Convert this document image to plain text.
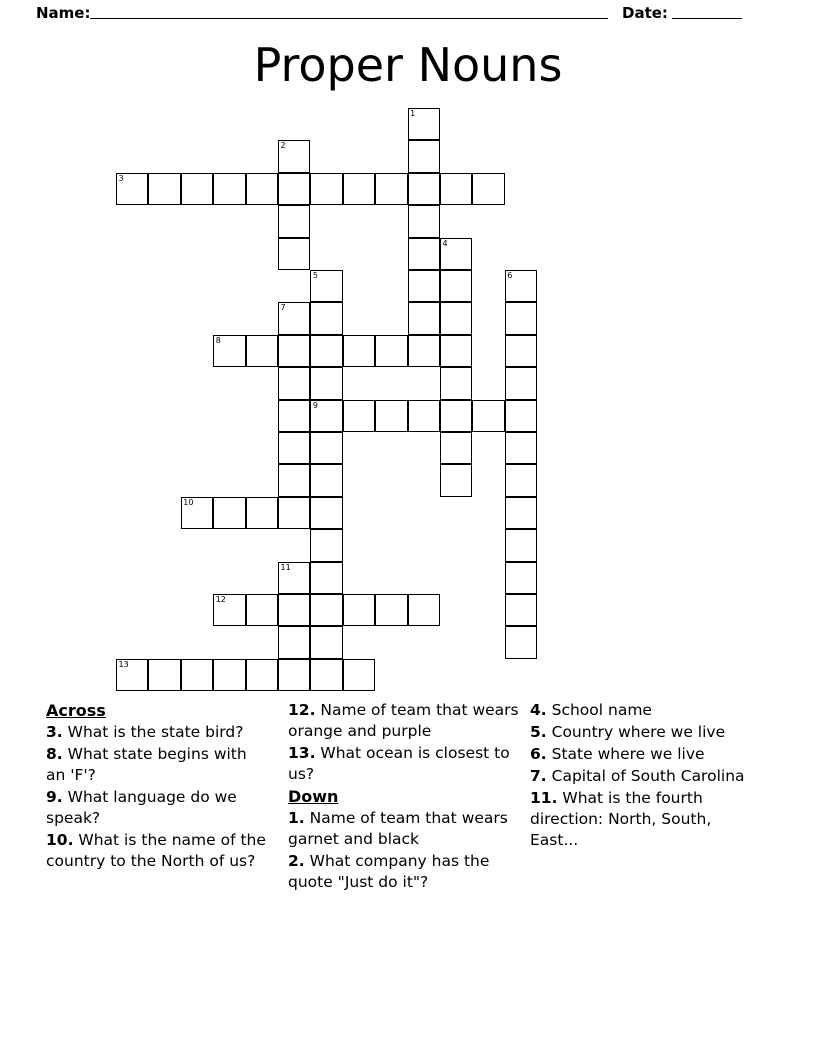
Name:	Date:
Proper Nouns
1
2
3
4
5	6
7
8
9
10
11
12
13
Across
3. What is the state bird?
8. What state begins with an 'F'?
9. What language do we speak?
10. What is the name of the country to the North of us?
12. Name of team that wears orange and purple
13. What ocean is closest to us?
Down
1. Name of team that wears garnet and black
2. What company has the quote "Just do it"?
4. School name
5. Country where we live
6. State where we live
7. Capital of South Carolina
11. What is the fourth direction: North, South, East...
